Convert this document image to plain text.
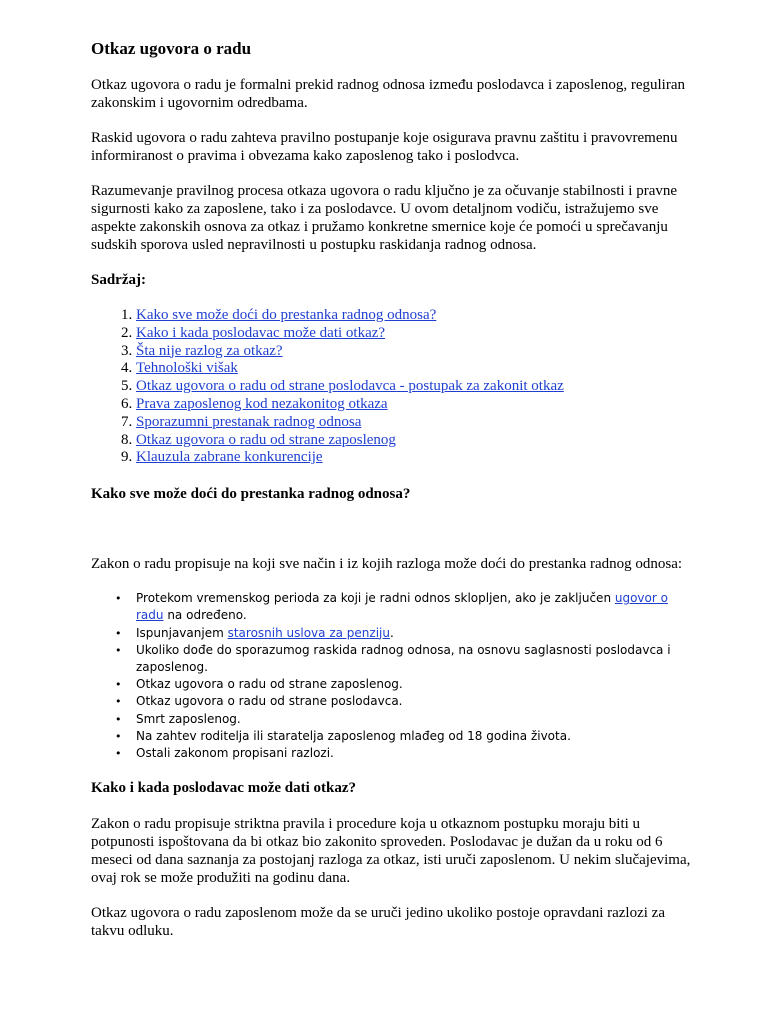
Otkaz ugovora o radu

Otkaz ugovora o radu je formalni prekid radnog odnosa između poslodavca i zaposlenog, reguliran zakonskim i ugovornim odredbama.

Raskid ugovora o radu zahteva pravilno postupanje koje osigurava pravnu zaštitu i pravovremenu informiranost o pravima i obvezama kako zaposlenog tako i poslodvca.

Razumevanje pravilnog procesa otkaza ugovora o radu ključno je za očuvanje stabilnosti i pravne sigurnosti kako za zaposlene, tako i za poslodavce. U ovom detaljnom vodiču, istražujemo sve aspekte zakonskih osnova za otkaz i pružamo konkretne smernice koje će pomoći u sprečavanju sudskih sporova usled nepravilnosti u postupku raskidanja radnog odnosa.

Sadržaj:
1. Kako sve može doći do prestanka radnog odnosa?
2. Kako i kada poslodavac može dati otkaz?
3. Šta nije razlog za otkaz?
4. Tehnološki višak
5. Otkaz ugovora o radu od strane poslodavca - postupak za zakonit otkaz
6. Prava zaposlenog kod nezakonitog otkaza
7. Sporazumni prestanak radnog odnosa
8. Otkaz ugovora o radu od strane zaposlenog
9. Klauzula zabrane konkurencije
Kako sve može doći do prestanka radnog odnosa?

Zakon o radu propisuje na koji sve način i iz kojih razloga može doći do prestanka radnog odnosa:

• Protekom vremenskog perioda za koji je radni odnos sklopljen, ako je zaključen ugovor o radu na određeno.
• Ispunjavanjem starosnih uslova za penziju.
• Ukoliko dođe do sporazumog raskida radnog odnosa, na osnovu saglasnosti poslodavca i zaposlenog.
• Otkaz ugovora o radu od strane zaposlenog.
• Otkaz ugovora o radu od strane poslodavca.
• Smrt zaposlenog.
• Na zahtev roditelja ili staratelja zaposlenog mlađeg od 18 godina života.
• Ostali zakonom propisani razlozi.
Kako i kada poslodavac može dati otkaz?

Zakon o radu propisuje striktna pravila i procedure koja u otkaznom postupku moraju biti u potpunosti ispoštovana da bi otkaz bio zakonito sproveden. Poslodavac je dužan da u roku od 6 meseci od dana saznanja za postojanj razloga za otkaz, isti uruči zaposlenom. U nekim slučajevima, ovaj rok se može produžiti na godinu dana.

Otkaz ugovora o radu zaposlenom može da se uruči jedino ukoliko postoje opravdani razlozi za takvu odluku.
